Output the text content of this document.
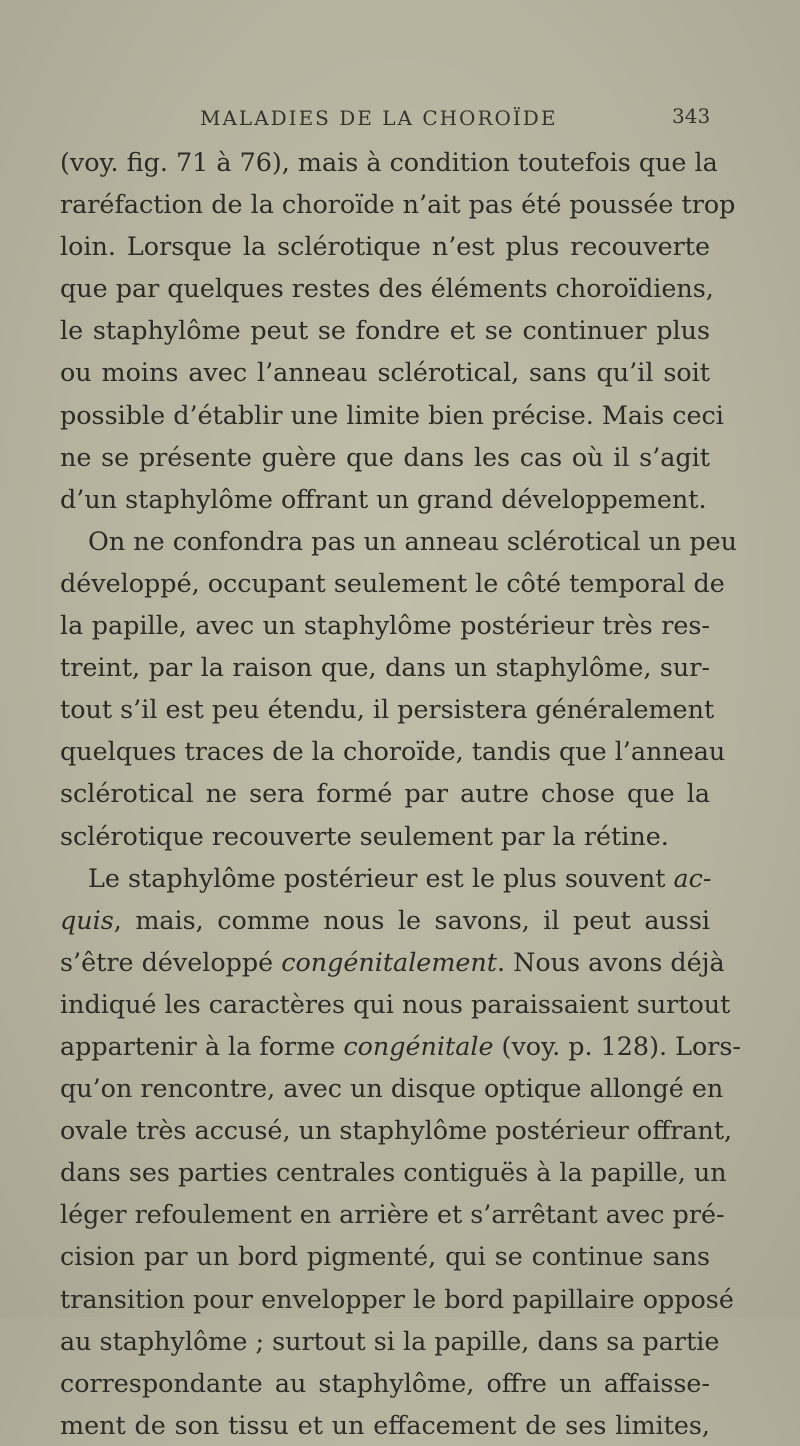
MALADIES DE LA CHOROÏDE	343
(voy. fig. 71 à 76), mais à condition toutefois que la
raréfaction de la choroïde n’ait pas été poussée trop
loin. Lorsque la sclérotique n’est plus recouverte
que par quelques restes des éléments choroïdiens,
le staphylôme peut se fondre et se continuer plus
ou moins avec l’anneau sclérotical, sans qu’il soit
possible d’établir une limite bien précise. Mais ceci
ne se présente guère que dans les cas où il s’agit
d’un staphylôme offrant un grand développement.
On ne confondra pas un anneau sclérotical un peu
développé, occupant seulement le côté temporal de
la papille, avec un staphylôme postérieur très res-
treint, par la raison que, dans un staphylôme, sur-
tout s’il est peu étendu, il persistera généralement
quelques traces de la choroïde, tandis que l’anneau
sclérotical ne sera formé par autre chose que la
sclérotique recouverte seulement par la rétine.
Le staphylôme postérieur est le plus souvent ac-
quis, mais, comme nous le savons, il peut aussi
s’être développé congénitalement. Nous avons déjà
indiqué les caractères qui nous paraissaient surtout
appartenir à la forme congénitale (voy. p. 128). Lors-
qu’on rencontre, avec un disque optique allongé en
ovale très accusé, un staphylôme postérieur offrant,
dans ses parties centrales contiguës à la papille, un
léger refoulement en arrière et s’arrêtant avec pré-
cision par un bord pigmenté, qui se continue sans
transition pour envelopper le bord papillaire opposé
au staphylôme ; surtout si la papille, dans sa partie
correspondante au staphylôme, offre un affaisse-
ment de son tissu et un effacement de ses limites,
